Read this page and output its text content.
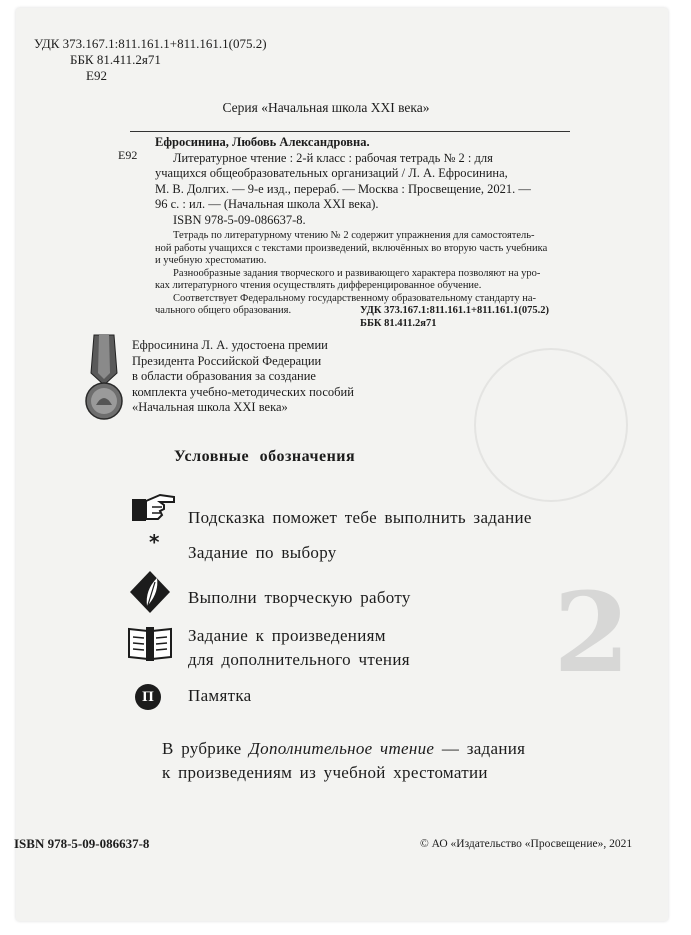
2
УДК 373.167.1:811.161.1+811.161.1(075.2)
ББК 81.411.2я71
Е92
Серия «Начальная школа XXI века»
Е92

Ефросинина, Любовь Александровна.

Литературное чтение : 2-й класс : рабочая тетрадь № 2 : для

учащихся общеобразовательных организаций / Л. А. Ефросинина,

М. В. Долгих. — 9-е изд., перераб. — Москва : Просвещение, 2021. —

96 с. : ил. — (Начальная школа XXI века).

ISBN 978-5-09-086637-8.

Тетрадь по литературному чтению № 2 содержит упражнения для самостоятель-

ной работы учащихся с текстами произведений, включённых во вторую часть учебника

и учебную хрестоматию.

Разнообразные задания творческого и развивающего характера позволяют на уро-

ках литературного чтения осуществлять дифференцированное обучение.

Соответствует Федеральному государственному образовательному стандарту на-

чального общего образования.	УДК 373.167.1:811.161.1+811.161.1(075.2)
ББК 81.411.2я71
Ефросинина Л. А. удостоена премии
Президента Российской Федерации
в области образования за создание
комплекта учебно-методических пособий
«Начальная школа XXI века»
Условные обозначения
Подсказка поможет тебе выполнить задание
* Задание по выбору
Выполни творческую работу
Задание к произведениям
для дополнительного чтения
П	Памятка
В рубрике Дополнительное чтение — задания
к произведениям из учебной хрестоматии
ISBN 978-5-09-086637-8	© АО «Издательство «Просвещение», 2021
